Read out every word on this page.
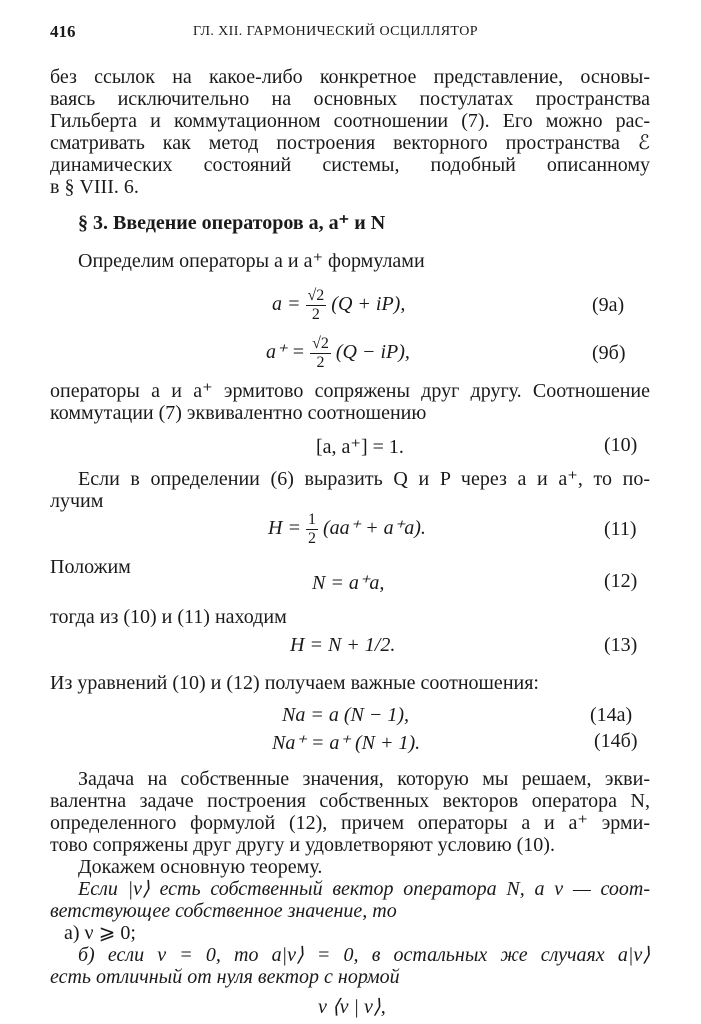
416	ГЛ. XII. ГАРМОНИЧЕСКИЙ ОСЦИЛЛЯТОР
без ссылок на какое-либо конкретное представление, основы-
ваясь исключительно на основных постулатах пространства
Гильберта и коммутационном соотношении (7). Его можно рас-
сматривать как метод построения векторного пространства ℰ
динамических состояний системы, подобный описанному
в § VIII. 6.
§ 3. Введение операторов a, a⁺ и N
Определим операторы a и a⁺ формулами
$a = \frac{√2}{2} (Q + iP)$,	(9а)
$a^+ = \frac{√2}{2} (Q - iP)$,	(9б)
операторы a и a⁺ эрмитово сопряжены друг другу. Соотношение
коммутации (7) эквивалентно соотношению
[a, a⁺] = 1.	(10)
Если в определении (6) выразить Q и P через a и a⁺, то по-
лучим
$H = \frac{1}{2} (aa^+ + a^+a)$.	(11)
Положим
N = a⁺a,	(12)
тогда из (10) и (11) находим
H = N + 1/2.	(13)
Из уравнений (10) и (12) получаем важные соотношения:
Na = a (N − 1),	(14а)
Na⁺ = a⁺ (N + 1).	(14б)
Задача на собственные значения, которую мы решаем, экви-
валентна задаче построения собственных векторов оператора N,
определенного формулой (12), причем операторы a и a⁺ эрми-
тово сопряжены друг другу и удовлетворяют условию (10).
Докажем основную теорему.
Если |ν⟩ есть собственный вектор оператора N, а ν — соот-
ветствующее собственное значение, то
а) ν ⩾ 0;
б) если ν = 0, то a|ν⟩ = 0, в остальных же случаях a|ν⟩
есть отличный от нуля вектор с нормой
ν ⟨ν | ν⟩,
